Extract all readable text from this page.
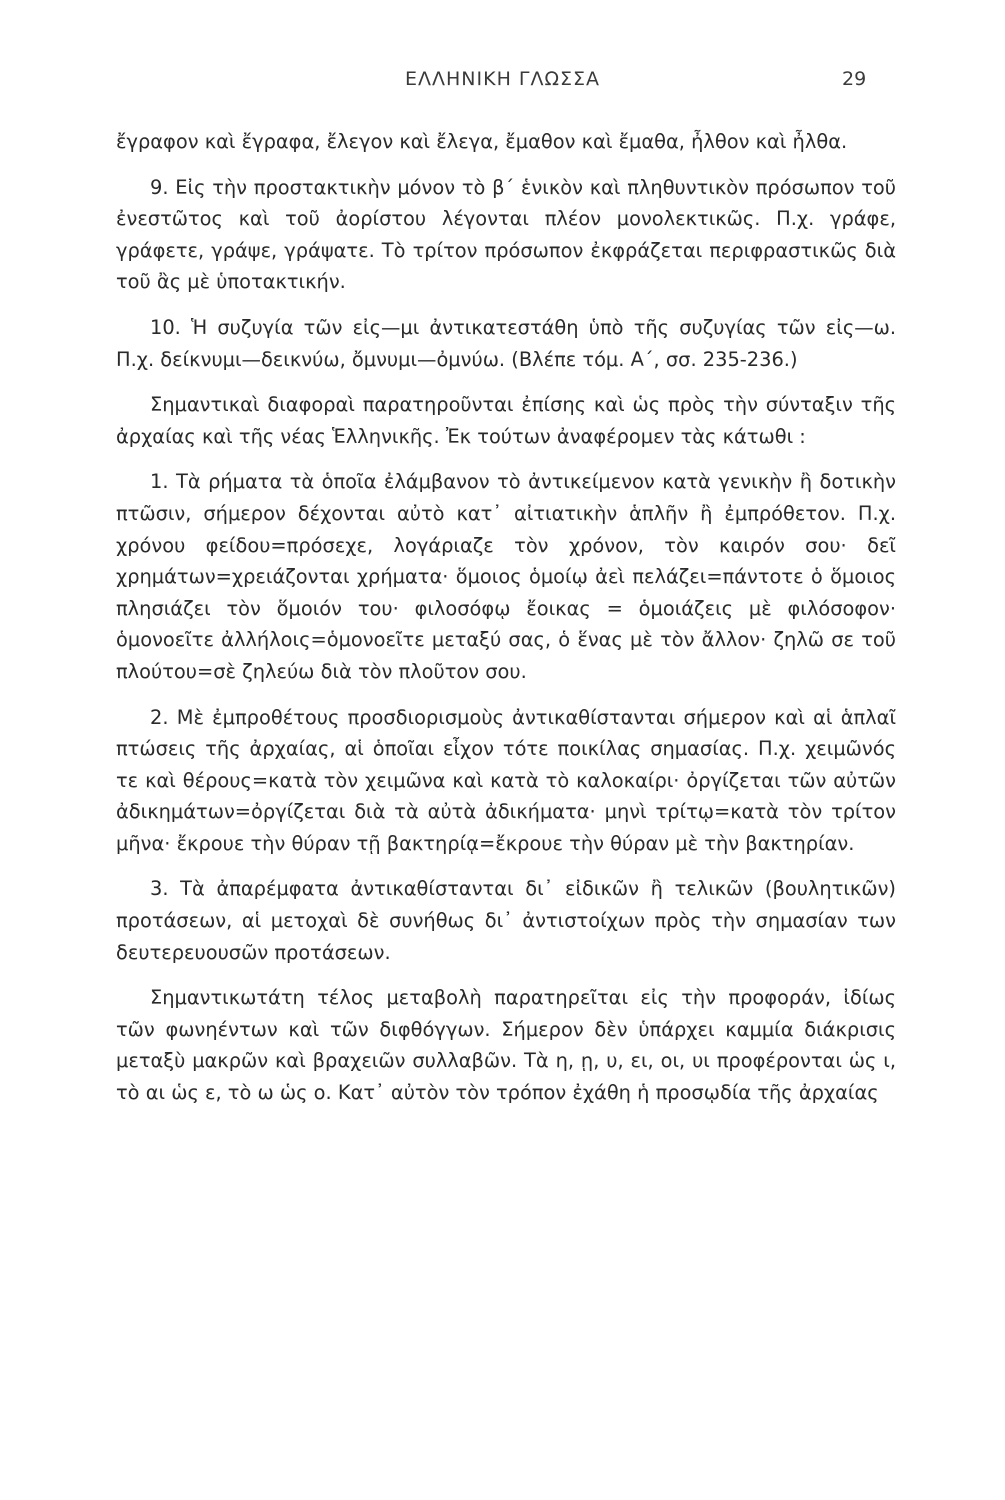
ΕΛΛΗΝΙΚΗ ΓΛΩΣΣΑ	29

ἔγραφον καὶ ἔγραφα, ἔλεγον καὶ ἔλεγα, ἔμαθον καὶ ἔμαθα, ἦλθον καὶ ἦλθα.

9. Εἰς τὴν προστακτικὴν μόνον τὸ β΄ ἑνικὸν καὶ πληθυντικὸν πρόσωπον τοῦ ἐνεστῶτος καὶ τοῦ ἀορίστου λέγονται πλέον μονολεκτικῶς. Π.χ. γράφε, γράφετε, γράψε, γράψατε. Τὸ τρίτον πρόσωπον ἐκφράζεται περιφραστικῶς διὰ τοῦ ἂς μὲ ὑποτακτικήν.

10. Ἡ συζυγία τῶν εἰς—μι ἀντικατεστάθη ὑπὸ τῆς συζυγίας τῶν εἰς—ω. Π.χ. δείκνυμι—δεικνύω, ὄμνυμι—ὀμνύω. (Βλέπε τόμ. Α΄, σσ. 235-236.)

Σημαντικαὶ διαφοραὶ παρατηροῦνται ἐπίσης καὶ ὡς πρὸς τὴν σύνταξιν τῆς ἀρχαίας καὶ τῆς νέας Ἑλληνικῆς. Ἐκ τούτων ἀναφέρομεν τὰς κάτωθι :

1. Τὰ ρήματα τὰ ὁποῖα ἐλάμβανον τὸ ἀντικείμενον κατὰ γενικὴν ἢ δοτικὴν πτῶσιν, σήμερον δέχονται αὐτὸ κατ᾽ αἰτιατικὴν ἁπλῆν ἢ ἐμπρόθετον. Π.χ. χρόνου φείδου=πρόσεχε, λογάριαζε τὸν χρόνον, τὸν καιρόν σου· δεῖ χρημάτων=χρειάζονται χρήματα· ὅμοιος ὁμοίῳ ἀεὶ πελάζει=πάντοτε ὁ ὅμοιος πλησιάζει τὸν ὅμοιόν του· φιλοσόφῳ ἔοικας = ὁμοιάζεις μὲ φιλόσοφον· ὁμονοεῖτε ἀλλήλοις=ὁμονοεῖτε μεταξύ σας, ὁ ἕνας μὲ τὸν ἄλλον· ζηλῶ σε τοῦ πλούτου=σὲ ζηλεύω διὰ τὸν πλοῦτον σου.

2. Μὲ ἐμπροθέτους προσδιορισμοὺς ἀντικαθίστανται σήμερον καὶ αἱ ἁπλαῖ πτώσεις τῆς ἀρχαίας, αἱ ὁποῖαι εἶχον τότε ποικίλας σημασίας. Π.χ. χειμῶνός τε καὶ θέρους=κατὰ τὸν χειμῶνα καὶ κατὰ τὸ καλοκαίρι· ὀργίζεται τῶν αὐτῶν ἀδικημάτων=ὀργίζεται διὰ τὰ αὐτὰ ἀδικήματα· μηνὶ τρίτῳ=κατὰ τὸν τρίτον μῆνα· ἔκρουε τὴν θύραν τῇ βακτηρίᾳ=ἔκρουε τὴν θύραν μὲ τὴν βακτηρίαν.

3. Τὰ ἀπαρέμφατα ἀντικαθίστανται δι᾽ εἰδικῶν ἢ τελικῶν (βουλητικῶν) προτάσεων, αἱ μετοχαὶ δὲ συνήθως δι᾽ ἀντιστοίχων πρὸς τὴν σημασίαν των δευτερευουσῶν προτάσεων.

Σημαντικωτάτη τέλος μεταβολὴ παρατηρεῖται εἰς τὴν προφοράν, ἰδίως τῶν φωνηέντων καὶ τῶν διφθόγγων. Σήμερον δὲν ὑπάρχει καμμία διάκρισις μεταξὺ μακρῶν καὶ βραχειῶν συλλαβῶν. Τὰ η, ῃ, υ, ει, οι, υι προφέρονται ὡς ι, τὸ αι ὡς ε, τὸ ω ὡς ο. Κατ᾽ αὐτὸν τὸν τρόπον ἐχάθη ἡ προσῳδία τῆς ἀρχαίας
